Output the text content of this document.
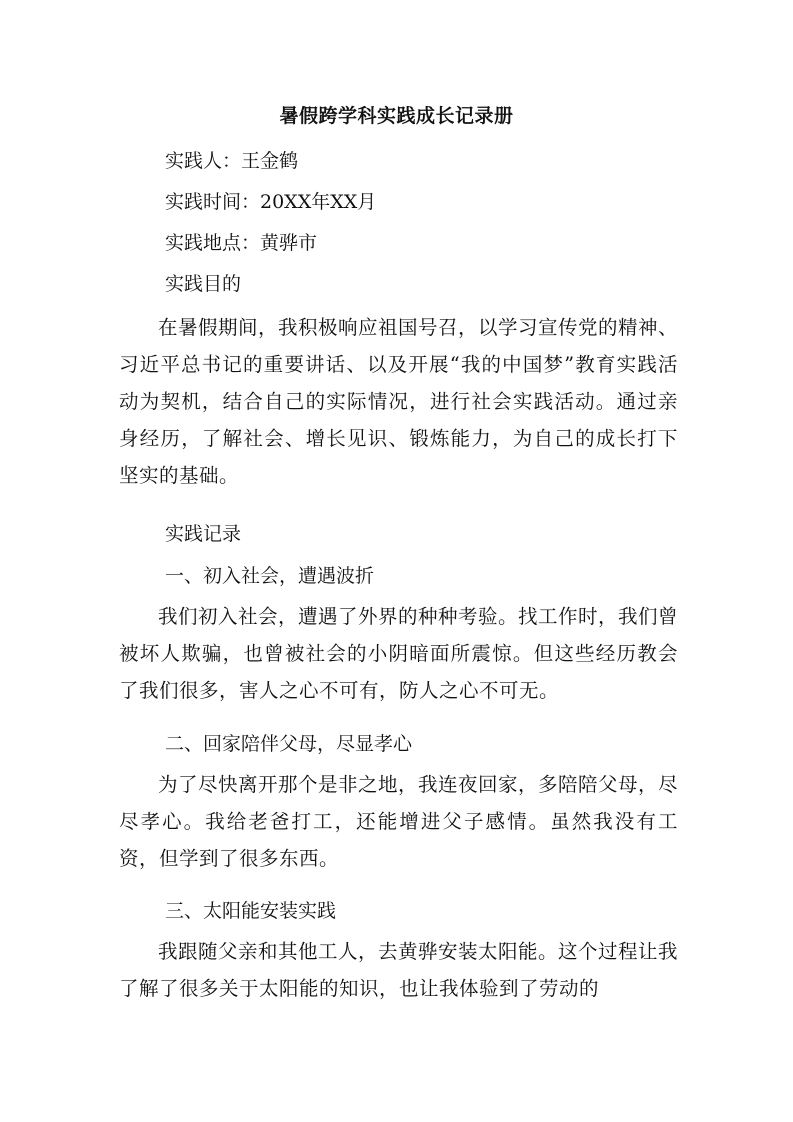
暑假跨学科实践成长记录册
实践人：王金鹤
实践时间：20XX年XX月
实践地点：黄骅市
实践目的

在暑假期间，我积极响应祖国号召，以学习宣传党的精神、习近平总书记的重要讲话、以及开展“我的中国梦”教育实践活动为契机，结合自己的实际情况，进行社会实践活动。通过亲身经历，了解社会、增长见识、锻炼能力，为自己的成长打下坚实的基础。

实践记录
一、初入社会，遭遇波折

我们初入社会，遭遇了外界的种种考验。找工作时，我们曾被坏人欺骗，也曾被社会的小阴暗面所震惊。但这些经历教会了我们很多，害人之心不可有，防人之心不可无。

二、回家陪伴父母，尽显孝心

为了尽快离开那个是非之地，我连夜回家，多陪陪父母，尽尽孝心。我给老爸打工，还能增进父子感情。虽然我没有工资，但学到了很多东西。

三、太阳能安装实践

我跟随父亲和其他工人，去黄骅安装太阳能。这个过程让我了解了很多关于太阳能的知识，也让我体验到了劳动的
